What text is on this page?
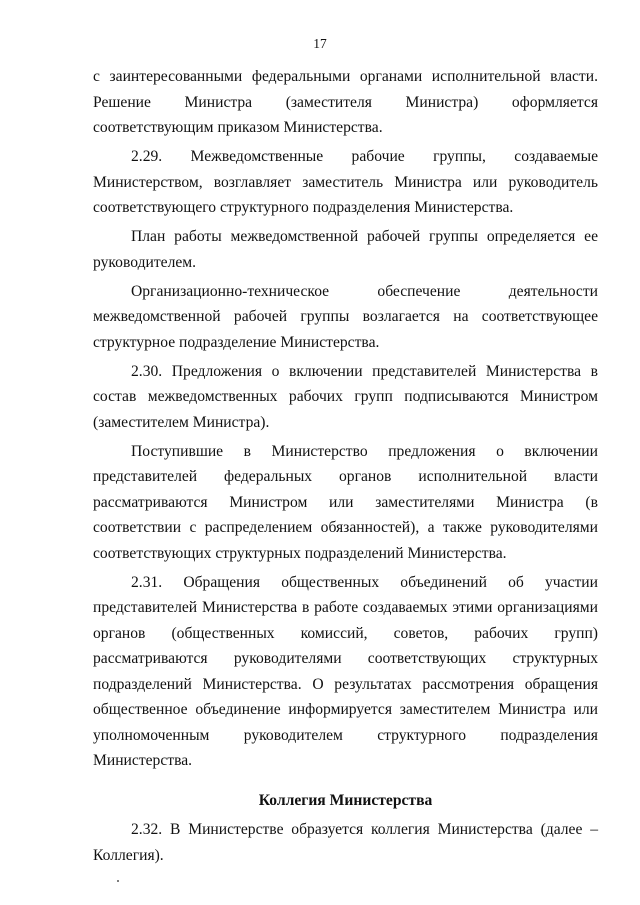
17

с заинтересованными федеральными органами исполнительной власти. Решение Министра (заместителя Министра) оформляется соответствующим приказом Министерства.

2.29. Межведомственные рабочие группы, создаваемые Министерством, возглавляет заместитель Министра или руководитель соответствующего структурного подразделения Министерства.

План работы межведомственной рабочей группы определяется ее руководителем.

Организационно-техническое обеспечение деятельности межведомственной рабочей группы возлагается на соответствующее структурное подразделение Министерства.

2.30. Предложения о включении представителей Министерства в состав межведомственных рабочих групп подписываются Министром (заместителем Министра).

Поступившие в Министерство предложения о включении представителей федеральных органов исполнительной власти рассматриваются Министром или заместителями Министра (в соответствии с распределением обязанностей), а также руководителями соответствующих структурных подразделений Министерства.

2.31. Обращения общественных объединений об участии представителей Министерства в работе создаваемых этими организациями органов (общественных комиссий, советов, рабочих групп) рассматриваются руководителями соответствующих структурных подразделений Министерства. О результатах рассмотрения обращения общественное объединение информируется заместителем Министра или уполномоченным руководителем структурного подразделения Министерства.

Коллегия Министерства

2.32. В Министерстве образуется коллегия Министерства (далее – Коллегия).
